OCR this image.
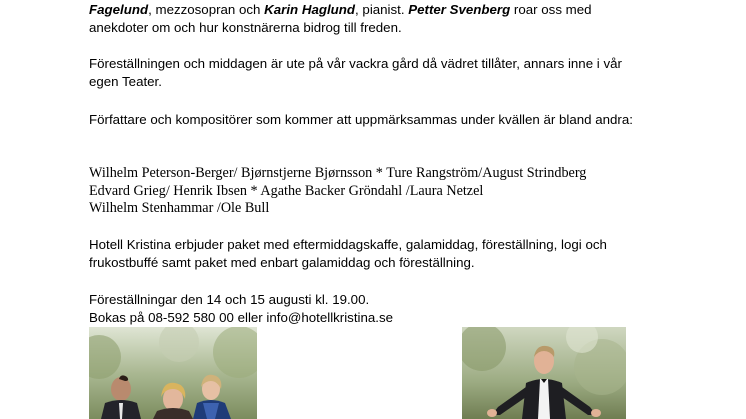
Fagelund, mezzosopran och Karin Haglund, pianist. Petter Svenberg roar oss med anekdoter om och hur konstnärerna bidrog till freden.

Föreställningen och middagen är ute på vår vackra gård då vädret tillåter, annars inne i vår egen Teater.

Författare och kompositörer som kommer att uppmärksammas under kvällen är bland andra:

Wilhelm Peterson-Berger/ Bjørnstjerne Bjørnsson * Ture Rangström/August Strindberg
Edvard Grieg/ Henrik Ibsen * Agathe Backer Gröndahl /Laura Netzel
Wilhelm Stenhammar /Ole Bull

Hotell Kristina erbjuder paket med eftermiddagskaffe, galamiddag, föreställning, logi och frukostbuffé samt paket med enbart galamiddag och föreställning.

Föreställningar den 14 och 15 augusti kl. 19.00.
Bokas på 08-592 580 00 eller info@hotellkristina.se
